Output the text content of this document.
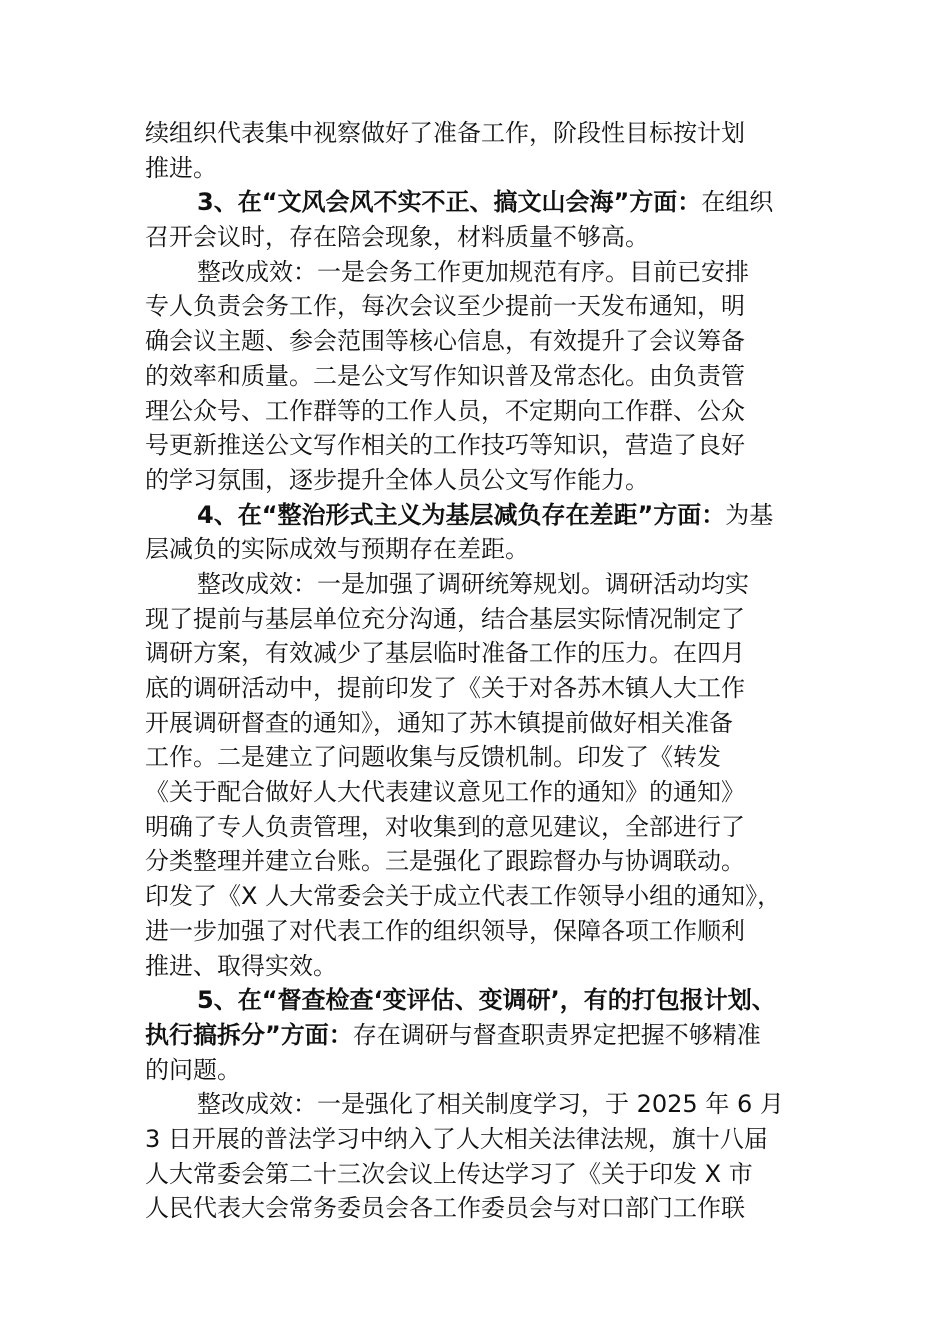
续组织代表集中视察做好了准备工作，阶段性目标按计划
推进。
3、在“文风会风不实不正、搞文山会海”方面：在组织
召开会议时，存在陪会现象，材料质量不够高。
整改成效：一是会务工作更加规范有序。目前已安排
专人负责会务工作，每次会议至少提前一天发布通知，明
确会议主题、参会范围等核心信息，有效提升了会议筹备
的效率和质量。二是公文写作知识普及常态化。由负责管
理公众号、工作群等的工作人员，不定期向工作群、公众
号更新推送公文写作相关的工作技巧等知识，营造了良好
的学习氛围，逐步提升全体人员公文写作能力。
4、在“整治形式主义为基层减负存在差距”方面：为基
层减负的实际成效与预期存在差距。
整改成效：一是加强了调研统筹规划。调研活动均实
现了提前与基层单位充分沟通，结合基层实际情况制定了
调研方案，有效减少了基层临时准备工作的压力。在四月
底的调研活动中，提前印发了《关于对各苏木镇人大工作
开展调研督查的通知》，通知了苏木镇提前做好相关准备
工作。二是建立了问题收集与反馈机制。印发了《转发
《关于配合做好人大代表建议意见工作的通知》的通知》
明确了专人负责管理，对收集到的意见建议，全部进行了
分类整理并建立台账。三是强化了跟踪督办与协调联动。
印发了《X 人大常委会关于成立代表工作领导小组的通知》，
进一步加强了对代表工作的组织领导，保障各项工作顺利
推进、取得实效。
5、在“督查检查‘变评估、变调研’，有的打包报计划、
执行搞拆分”方面：存在调研与督查职责界定把握不够精准
的问题。
整改成效：一是强化了相关制度学习，于 2025 年 6 月
3 日开展的普法学习中纳入了人大相关法律法规，旗十八届
人大常委会第二十三次会议上传达学习了《关于印发 X 市
人民代表大会常务委员会各工作委员会与对口部门工作联
